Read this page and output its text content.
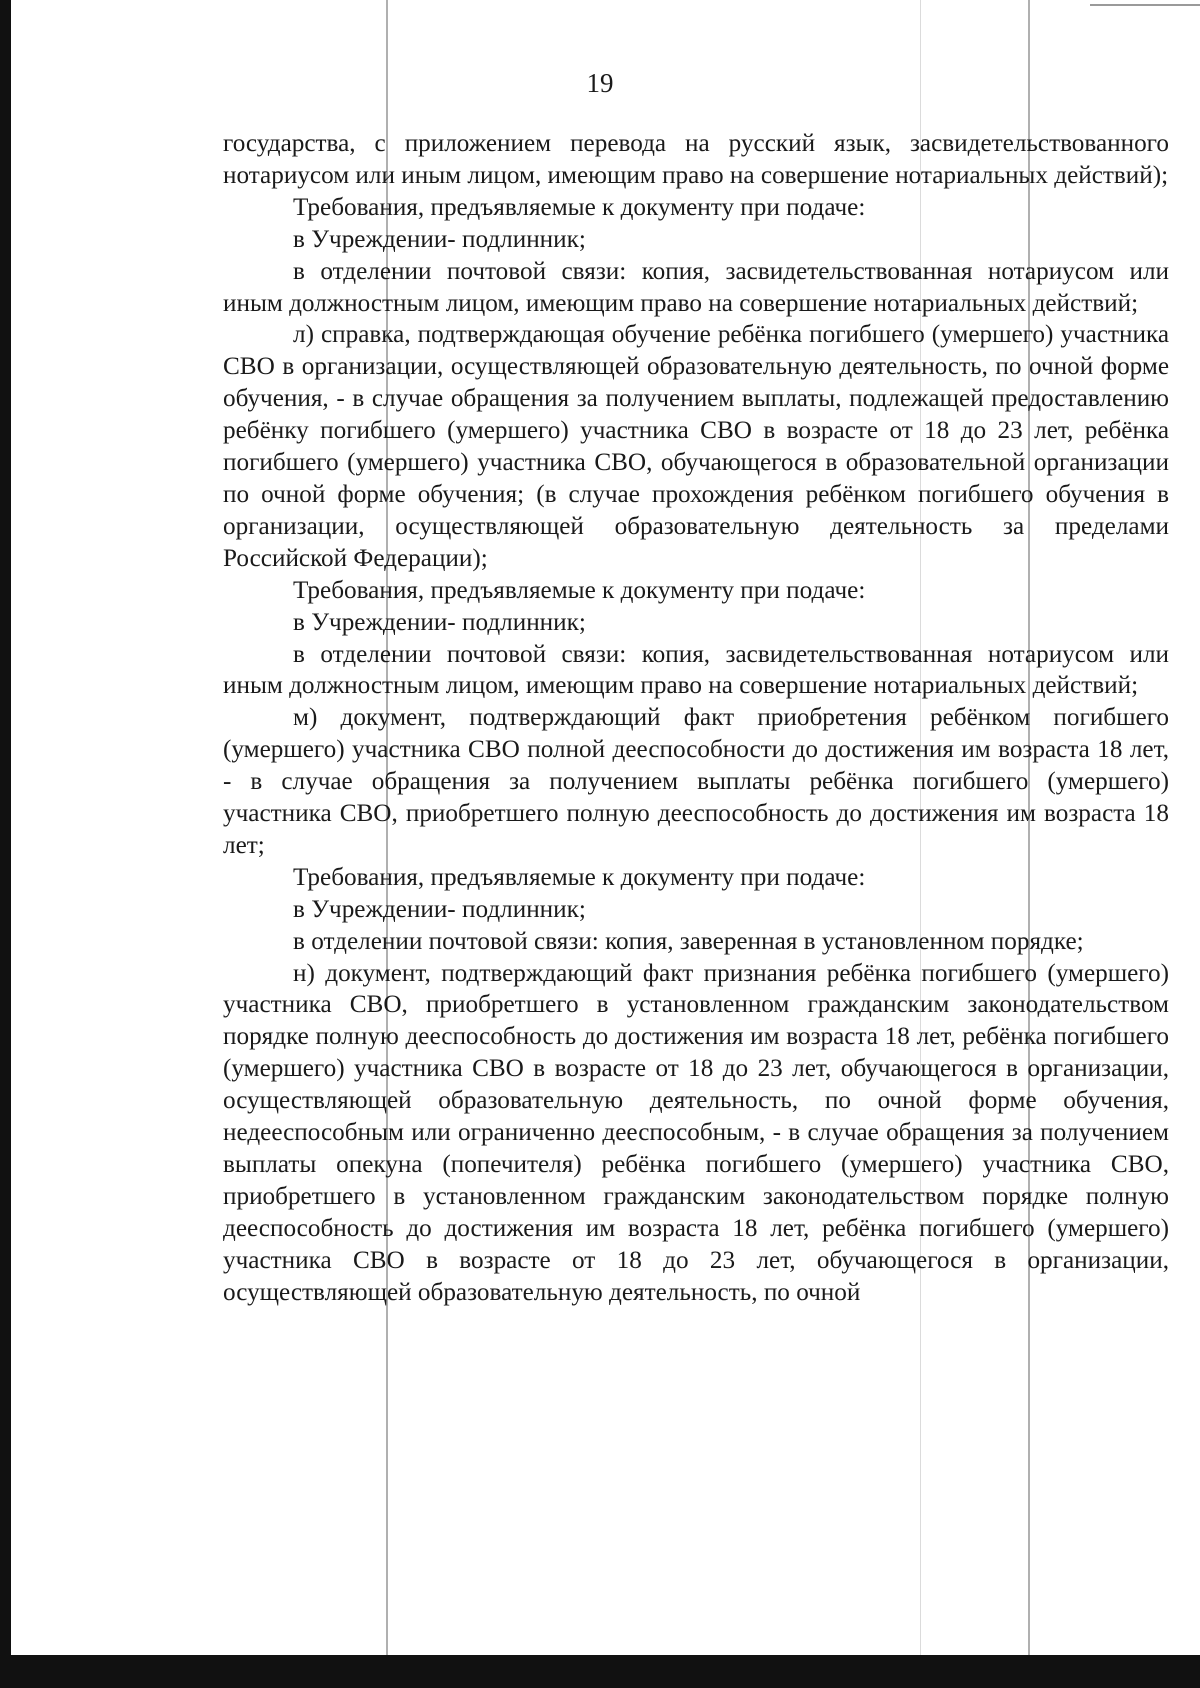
19

государства, с приложением перевода на русский язык, засвидетельствованного нотариусом или иным лицом, имеющим право на совершение нотариальных действий);

Требования, предъявляемые к документу при подаче:

в Учреждении- подлинник;

в отделении почтовой связи: копия, засвидетельствованная нотариусом или иным должностным лицом, имеющим право на совершение нотариальных действий;

л) справка, подтверждающая обучение ребёнка погибшего (умершего) участника СВО в организации, осуществляющей образовательную деятельность, по очной форме обучения, - в случае обращения за получением выплаты, подлежащей предоставлению ребёнку погибшего (умершего) участника СВО в возрасте от 18 до 23 лет, ребёнка погибшего (умершего) участника СВО, обучающегося в образовательной организации по очной форме обучения; (в случае прохождения ребёнком погибшего обучения в организации, осуществляющей образовательную деятельность за пределами Российской Федерации);

Требования, предъявляемые к документу при подаче:

в Учреждении- подлинник;

в отделении почтовой связи: копия, засвидетельствованная нотариусом или иным должностным лицом, имеющим право на совершение нотариальных действий;

м) документ, подтверждающий факт приобретения ребёнком погибшего (умершего) участника СВО полной дееспособности до достижения им возраста 18 лет, - в случае обращения за получением выплаты ребёнка погибшего (умершего) участника СВО, приобретшего полную дееспособность до достижения им возраста 18 лет;

Требования, предъявляемые к документу при подаче:

в Учреждении- подлинник;

в отделении почтовой связи: копия, заверенная в установленном порядке;

н) документ, подтверждающий факт признания ребёнка погибшего (умершего) участника СВО, приобретшего в установленном гражданским законодательством порядке полную дееспособность до достижения им возраста 18 лет, ребёнка погибшего (умершего) участника СВО в возрасте от 18 до 23 лет, обучающегося в организации, осуществляющей образовательную деятельность, по очной форме обучения, недееспособным или ограниченно дееспособным, - в случае обращения за получением выплаты опекуна (попечителя) ребёнка погибшего (умершего) участника СВО, приобретшего в установленном гражданским законодательством порядке полную дееспособность до достижения им возраста 18 лет, ребёнка погибшего (умершего) участника СВО в возрасте от 18 до 23 лет, обучающегося в организации, осуществляющей образовательную деятельность, по очной
